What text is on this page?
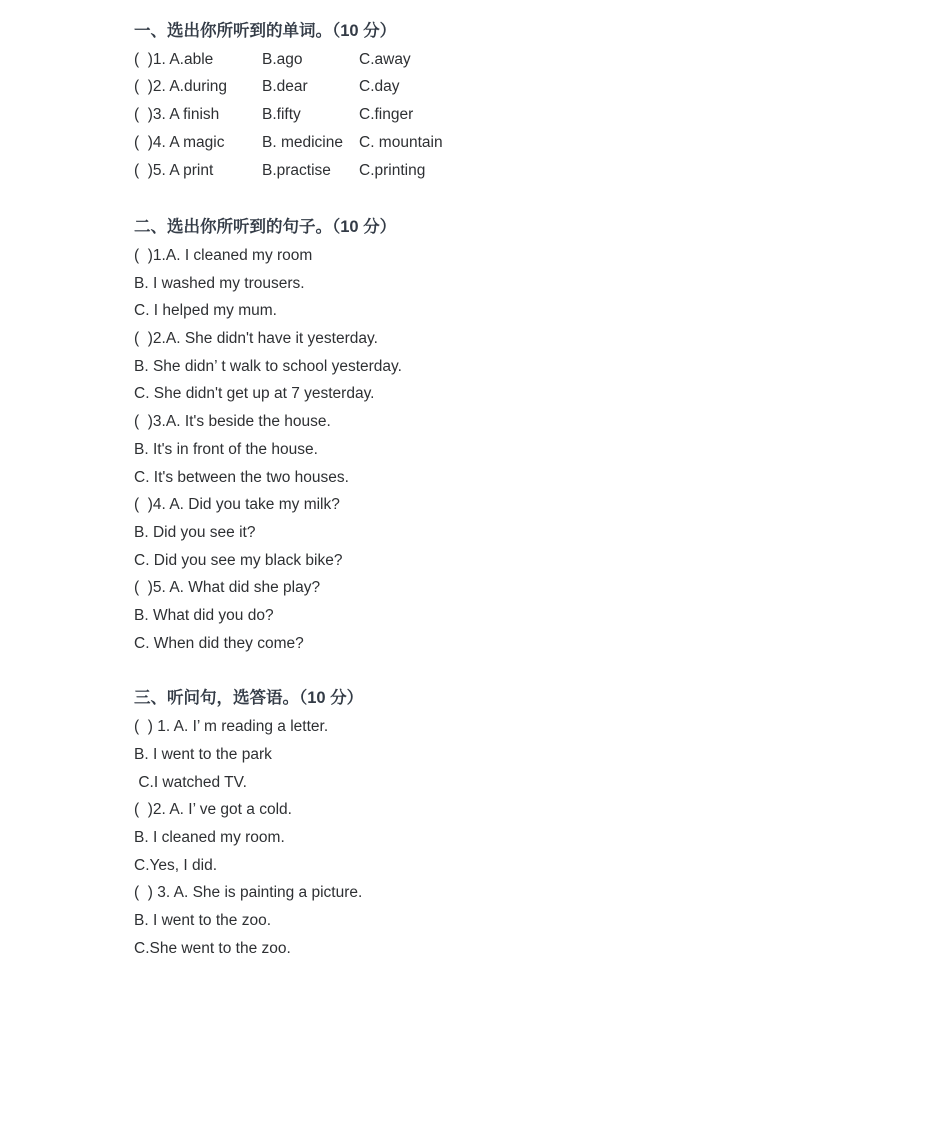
一、选出你所听到的单词。（10 分）
(  )1. A.able	B.ago	C.away
(  )2. A.during	B.dear	C.day
(  )3. A finish	B.fifty	C.finger
(  )4. A magic	B. medicine	C. mountain
(  )5. A print	B.practise	C.printing
二、选出你所听到的句子。（10 分）
(  )1.A. I cleaned my room
B. I washed my trousers.
C. I helped my mum.
(  )2.A. She didn't have it yesterday.
B. She didn’ t walk to school yesterday.
C. She didn't get up at 7 yesterday.
(  )3.A. It's beside the house.
B. It's in front of the house.
C. It's between the two houses.
(  )4. A. Did you take my milk?
B. Did you see it?
C. Did you see my black bike?
(  )5. A. What did she play?
B. What did you do?
C. When did they come?
三、听问句，选答语。（10 分）
(  ) 1. A. I’ m reading a letter.
B. I went to the park
C.I watched TV.
(  )2. A. I’ ve got a cold.
B. I cleaned my room.
C.Yes, I did.
(  ) 3. A. She is painting a picture.
B. I went to the zoo.
C.She went to the zoo.
